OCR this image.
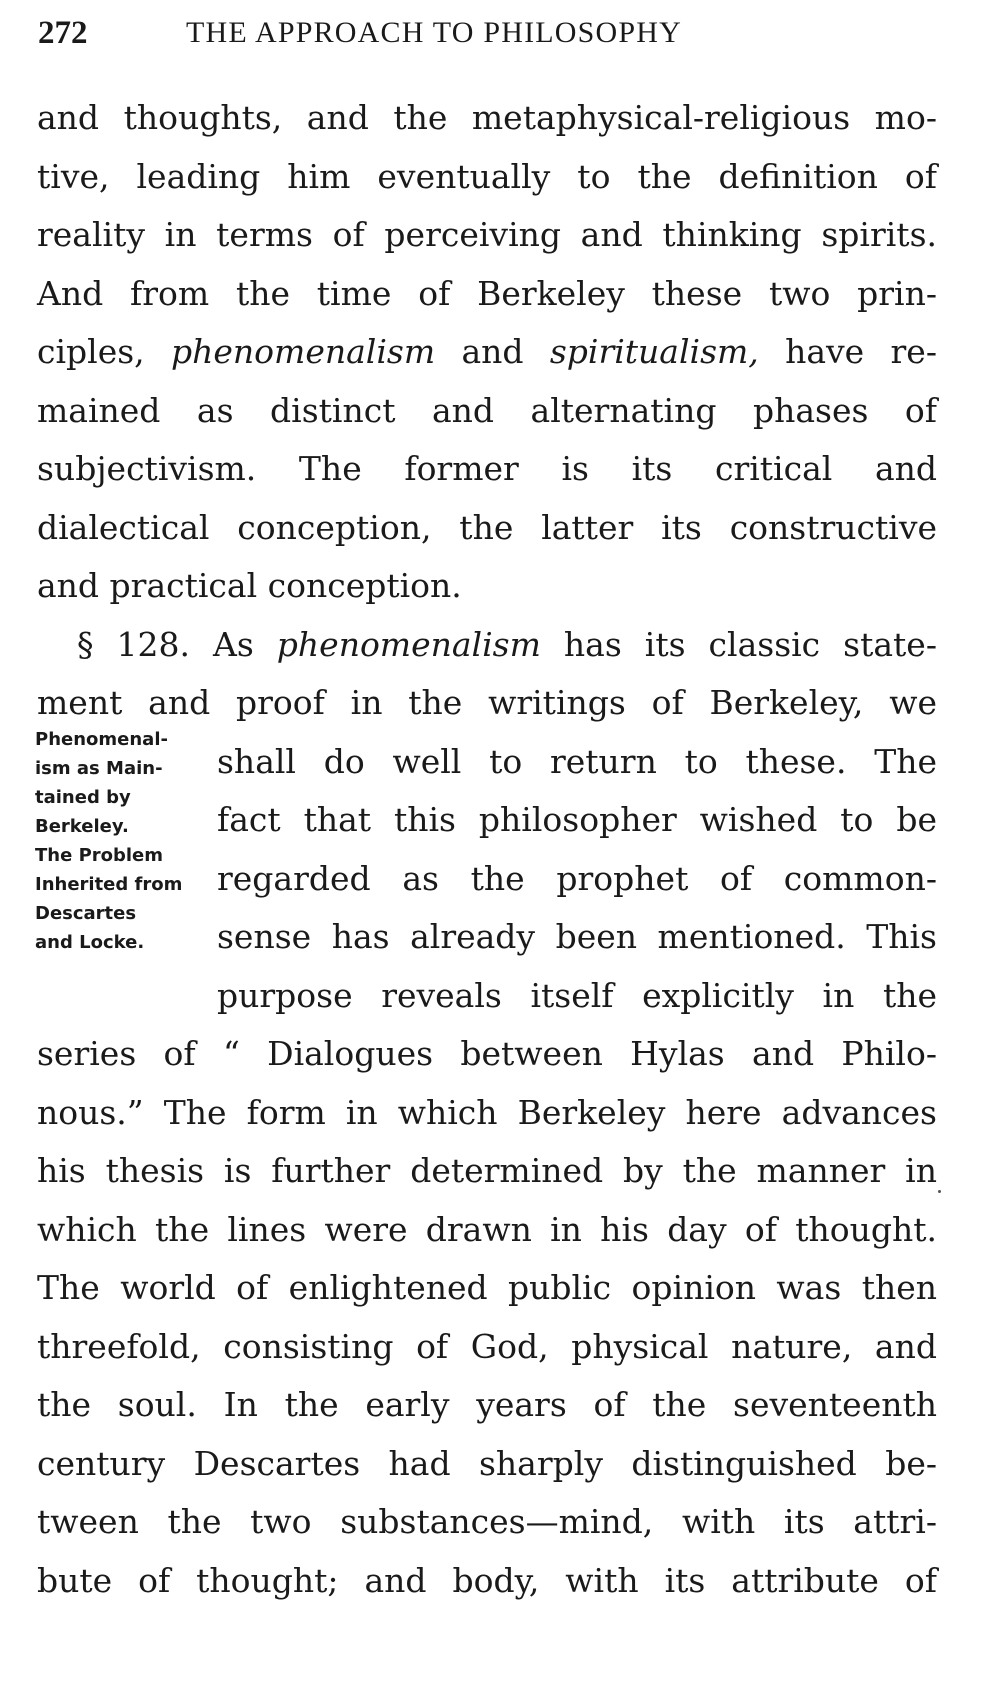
272	THE APPROACH TO PHILOSOPHY
and thoughts, and the metaphysical-religious mo-
tive, leading him eventually to the definition of
reality in terms of perceiving and thinking spirits.
And from the time of Berkeley these two prin-
ciples, phenomenalism and spiritualism, have re-
mained as distinct and alternating phases of
subjectivism. The former is its critical and
dialectical conception, the latter its constructive
and practical conception.
§ 128. As phenomenalism has its classic state-
ment and proof in the writings of Berkeley, we
shall do well to return to these. The
fact that this philosopher wished to be
regarded as the prophet of common-
sense has already been mentioned. This
purpose reveals itself explicitly in the
series of “ Dialogues between Hylas and Philo-
nous.” The form in which Berkeley here advances
his thesis is further determined by the manner in
which the lines were drawn in his day of thought.
The world of enlightened public opinion was then
threefold, consisting of God, physical nature, and
the soul. In the early years of the seventeenth
century Descartes had sharply distinguished be-
tween the two substances—mind, with its attri-
bute of thought; and body, with its attribute of
Phenomenal-
ism as Main-
tained by
Berkeley.
The Problem
Inherited from
Descartes
and Locke.
